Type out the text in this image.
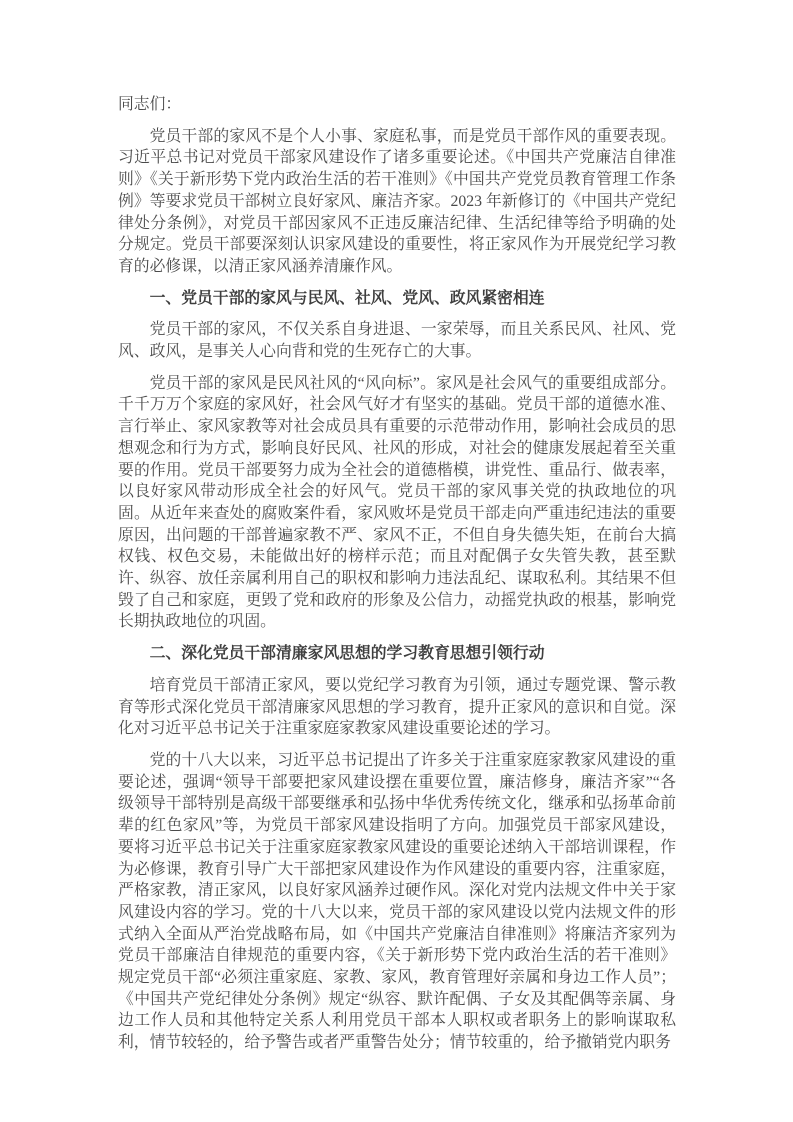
同志们：

党员干部的家风不是个人小事、家庭私事，而是党员干部作风的重要表现。习近平总书记对党员干部家风建设作了诸多重要论述。《中国共产党廉洁自律准则》《关于新形势下党内政治生活的若干准则》《中国共产党党员教育管理工作条例》等要求党员干部树立良好家风、廉洁齐家。2023 年新修订的《中国共产党纪律处分条例》，对党员干部因家风不正违反廉洁纪律、生活纪律等给予明确的处分规定。党员干部要深刻认识家风建设的重要性，将正家风作为开展党纪学习教育的必修课，以清正家风涵养清廉作风。

一、党员干部的家风与民风、社风、党风、政风紧密相连

党员干部的家风，不仅关系自身进退、一家荣辱，而且关系民风、社风、党风、政风，是事关人心向背和党的生死存亡的大事。

党员干部的家风是民风社风的“风向标”。家风是社会风气的重要组成部分。千千万万个家庭的家风好，社会风气好才有坚实的基础。党员干部的道德水准、言行举止、家风家教等对社会成员具有重要的示范带动作用，影响社会成员的思想观念和行为方式，影响良好民风、社风的形成，对社会的健康发展起着至关重要的作用。党员干部要努力成为全社会的道德楷模，讲党性、重品行、做表率，以良好家风带动形成全社会的好风气。党员干部的家风事关党的执政地位的巩固。从近年来查处的腐败案件看，家风败坏是党员干部走向严重违纪违法的重要原因，出问题的干部普遍家教不严、家风不正，不但自身失德失矩，在前台大搞权钱、权色交易，未能做出好的榜样示范；而且对配偶子女失管失教，甚至默许、纵容、放任亲属利用自己的职权和影响力违法乱纪、谋取私利。其结果不但毁了自己和家庭，更毁了党和政府的形象及公信力，动摇党执政的根基，影响党长期执政地位的巩固。

二、深化党员干部清廉家风思想的学习教育思想引领行动

培育党员干部清正家风，要以党纪学习教育为引领，通过专题党课、警示教育等形式深化党员干部清廉家风思想的学习教育，提升正家风的意识和自觉。深化对习近平总书记关于注重家庭家教家风建设重要论述的学习。

党的十八大以来，习近平总书记提出了许多关于注重家庭家教家风建设的重要论述，强调“领导干部要把家风建设摆在重要位置，廉洁修身，廉洁齐家”“各级领导干部特别是高级干部要继承和弘扬中华优秀传统文化，继承和弘扬革命前辈的红色家风”等，为党员干部家风建设指明了方向。加强党员干部家风建设，要将习近平总书记关于注重家庭家教家风建设的重要论述纳入干部培训课程，作为必修课，教育引导广大干部把家风建设作为作风建设的重要内容，注重家庭，严格家教，清正家风，以良好家风涵养过硬作风。深化对党内法规文件中关于家风建设内容的学习。党的十八大以来，党员干部的家风建设以党内法规文件的形式纳入全面从严治党战略布局，如《中国共产党廉洁自律准则》将廉洁齐家列为党员干部廉洁自律规范的重要内容，《关于新形势下党内政治生活的若干准则》规定党员干部“必须注重家庭、家教、家风，教育管理好亲属和身边工作人员”；《中国共产党纪律处分条例》规定“纵容、默许配偶、子女及其配偶等亲属、身边工作人员和其他特定关系人利用党员干部本人职权或者职务上的影响谋取私利，情节较轻的，给予警告或者严重警告处分；情节较重的，给予撤销党内职务
